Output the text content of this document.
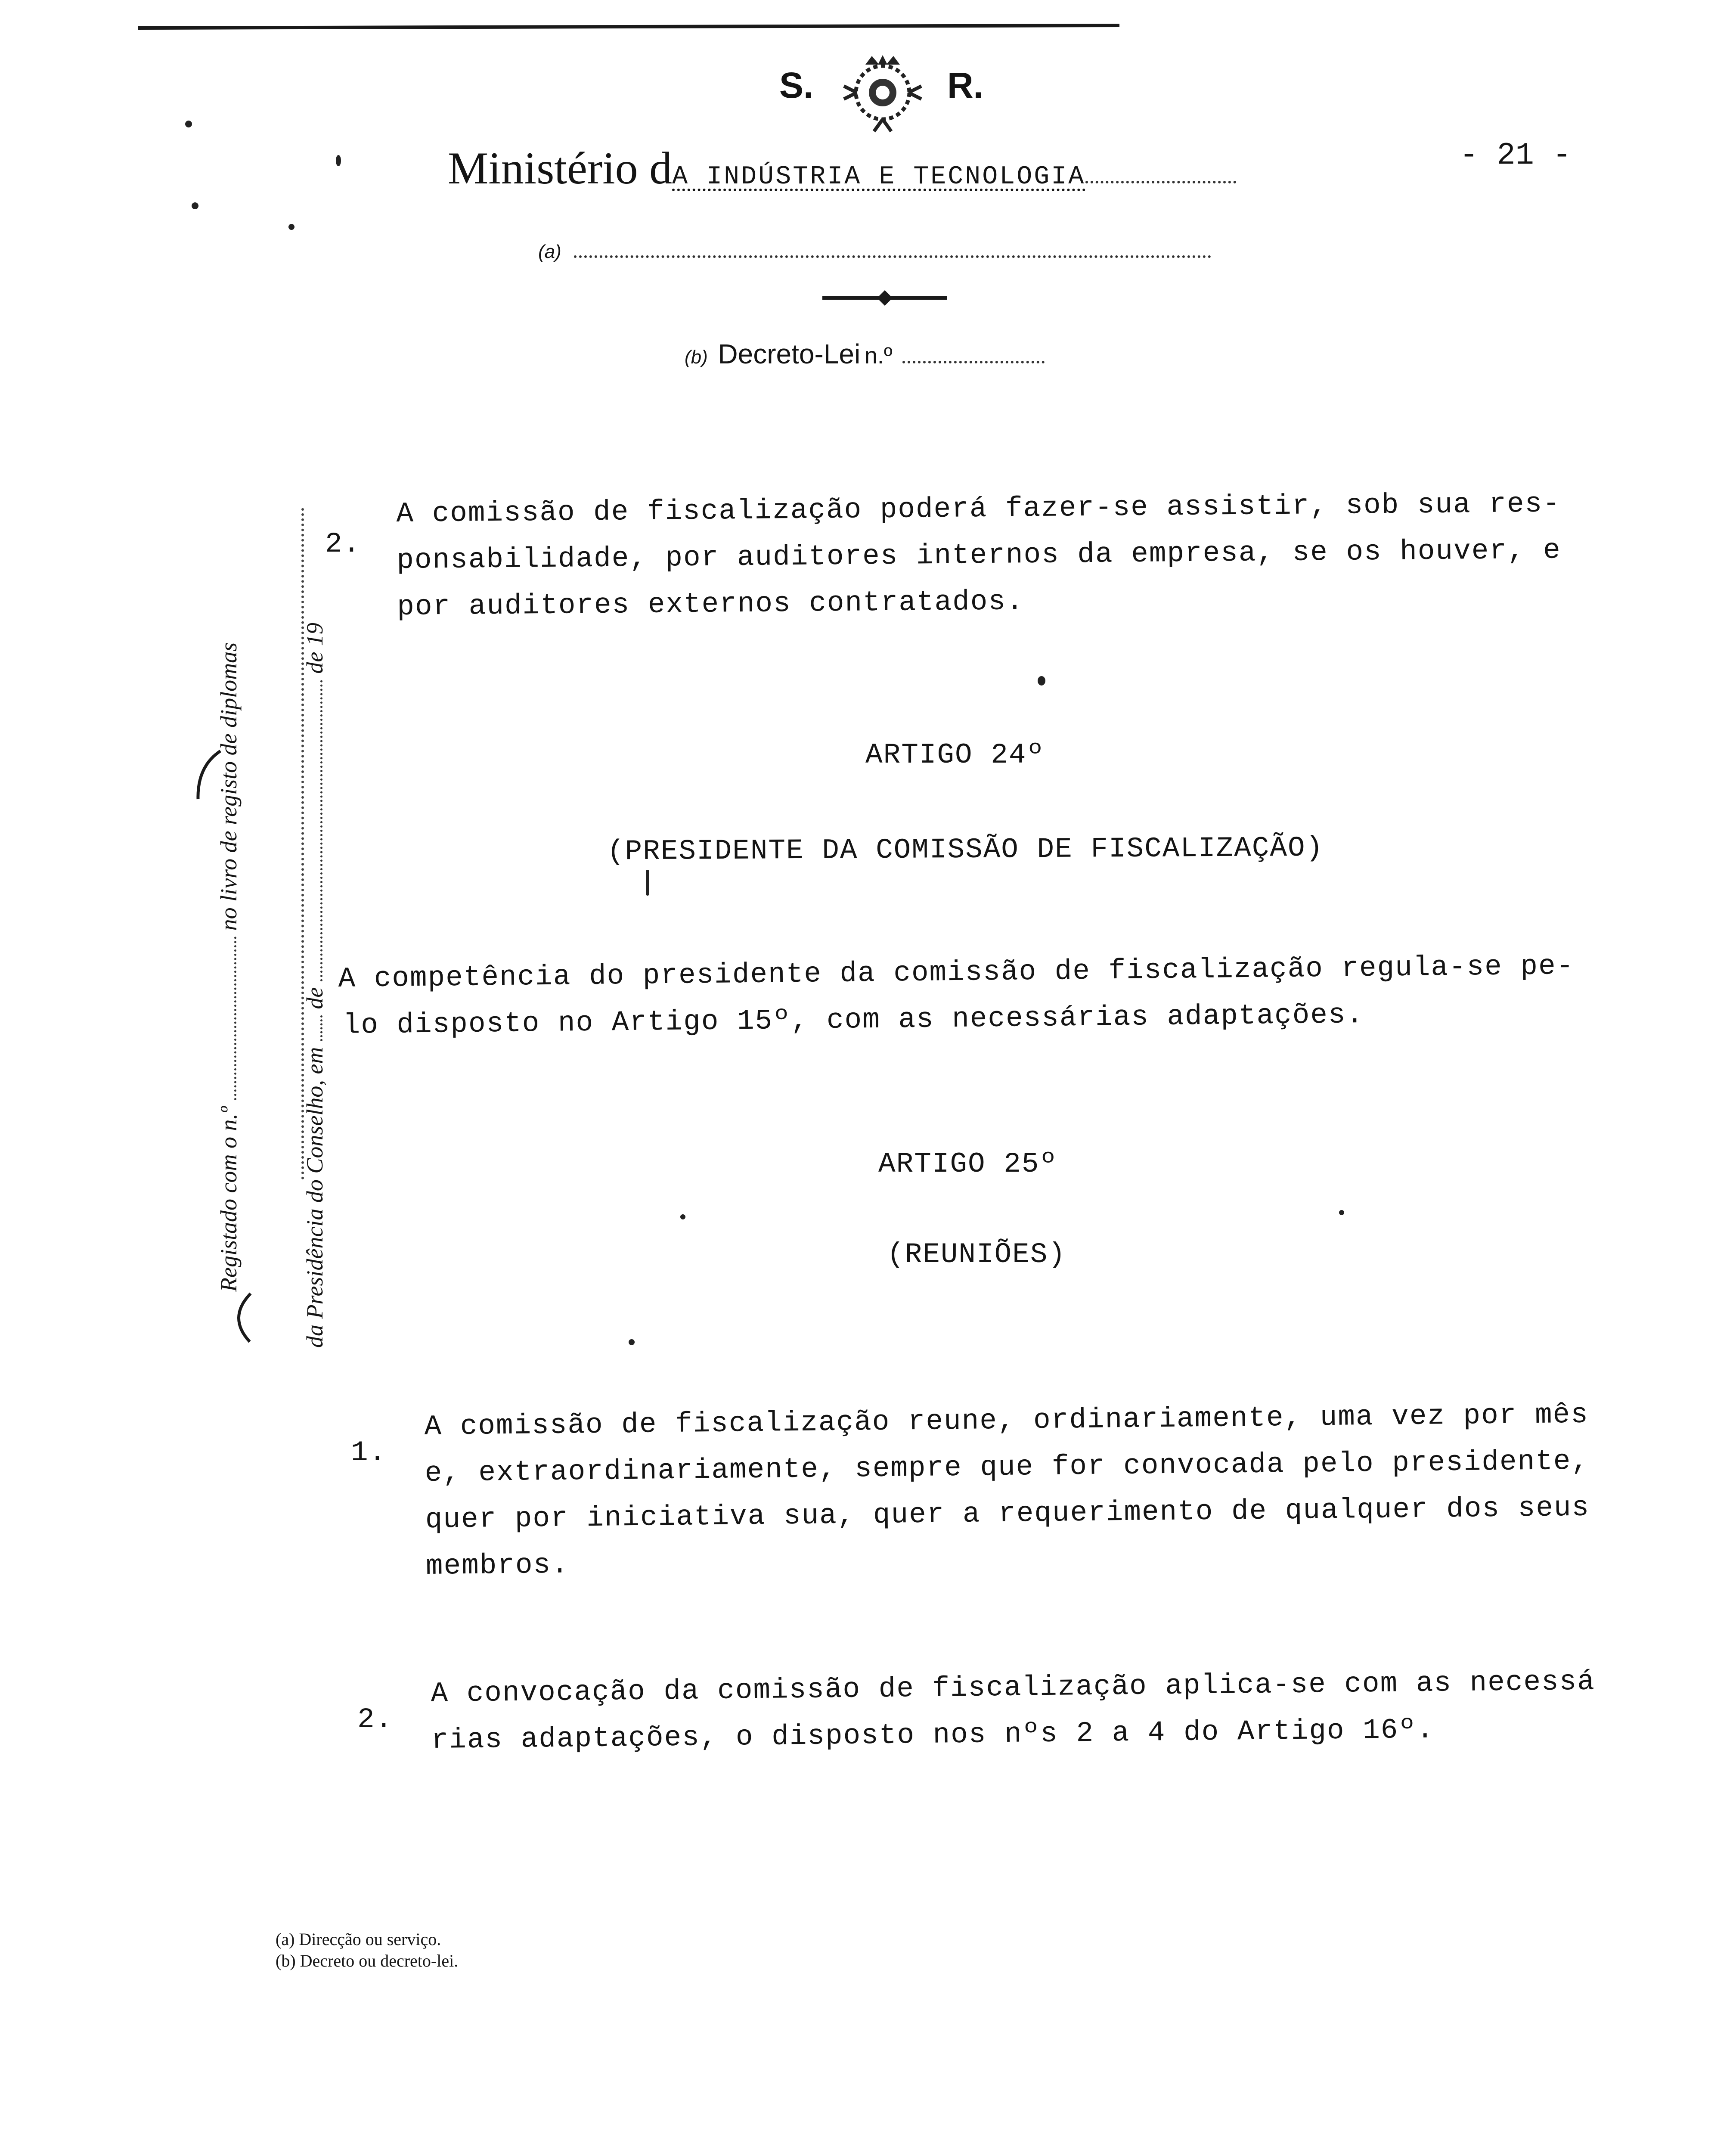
S.	R.
Ministério dA INDÚSTRIA E TECNOLOGIA
- 21 -
(a)
(b) Decreto-Lei n.º
Registado com o n.ºno livro de registo de diplomas
da Presidência do Conselho, emdede 19
2.
A comissão de fiscalização poderá fazer-se assistir, sob sua res-
ponsabilidade, por auditores internos da empresa, se os houver, e
por auditores externos contratados.
ARTIGO 24º
(PRESIDENTE DA COMISSÃO DE FISCALIZAÇÃO)
A competência do presidente da comissão de fiscalização regula-se pe-
lo disposto no Artigo 15º, com as necessárias adaptações.
ARTIGO 25º
(REUNIÕES)
1.
A comissão de fiscalização reune, ordinariamente, uma vez por mês
e, extraordinariamente, sempre que for convocada pelo presidente,
quer por iniciativa sua, quer a requerimento de qualquer dos seus
membros.
2.
A convocação da comissão de fiscalização aplica-se com as necessá
rias adaptações, o disposto nos nºs 2 a 4 do Artigo 16º.
(a) Direcção ou serviço.
(b) Decreto ou decreto-lei.
